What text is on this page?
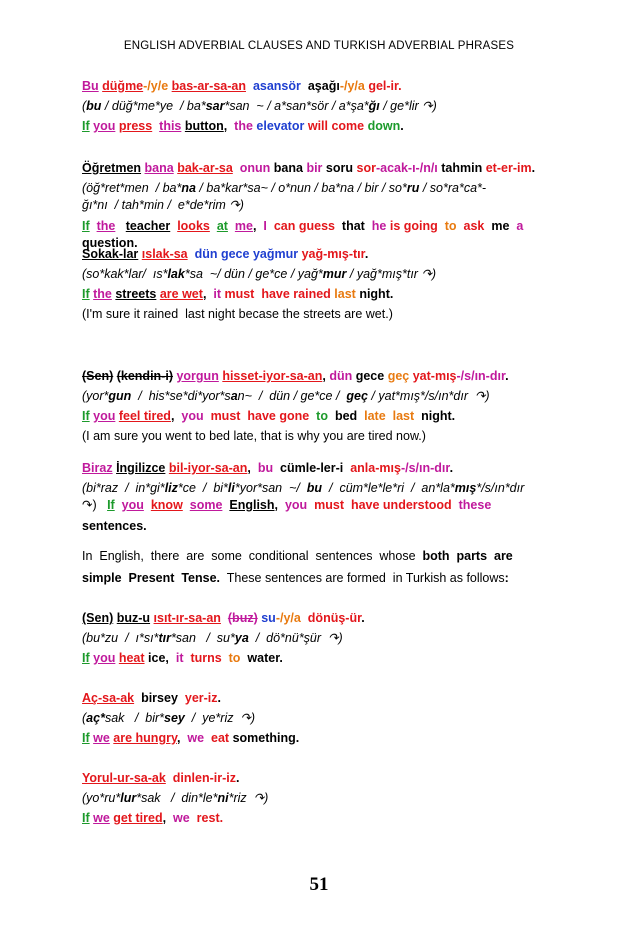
ENGLISH ADVERBIAL CLAUSES AND TURKISH ADVERBIAL PHRASES
Bu düğme-/y/e bas-ar-sa-an asansör aşağı-/y/a gel-ir.
(bu / düğ*me*ye  / ba*sar*san  ~ / a*san*sör / a*şa*ğı / ge*lir ↷)
If you press this button,  the elevator will come down.
Öğretmen bana bak-ar-sa onun bana bir soru sor-acak-ı-/n/ı tahmin et-er-im.
(öğ*ret*men  / ba*na / ba*kar*sa~ / o*nun / ba*na / bir / so*ru / so*ra*ca*-
ğı*nı  / tah*min /  e*de*rim ↷)
If the teacher looks at me,  I can guess that he is going to ask me a
question.
Sokak-lar ıslak-sa dün gece yağmur yağ-mış-tır.
(so*kak*lar/  ıs*lak*sa  ~/ dün / ge*ce / yağ*mur / yağ*mış*tır ↷)
If the streets are wet,  it must have rained last night.
(I'm sure it rained  last night becase the streets are wet.)
(Sen) (kendin-i) yorgun hisset-iyor-sa-an, dün gece geç yat-mış-/s/ın-dır.
(yor*gun  /  his*se*di*yor*san~  /  dün / ge*ce /  geç / yat*mış*/s/ın*dır  ↷)
If you feel tired,  you must have gone to bed late last night.
(I am sure you went to bed late, that is why you are tired now.)
Biraz İngilizce bil-iyor-sa-an, bu cümle-ler-i anla-mış-/s/ın-dır.
(bi*raz  /  in*gi*liz*ce  /  bi*li*yor*san  ~/  bu  /  cüm*le*le*ri  /  an*la*mış*/s/ın*dır
↷)   If you know some English,  you must have understood these
sentences.
In  English,  there  are  some  conditional  sentences  whose  both  parts  are
simple  Present  Tense.  These sentences are formed  in Turkish as follows:
(Sen) buz-u ısıt-ır-sa-an (buz) su-/y/a dönüş-ür.
(bu*zu  /  ı*sı*tır*san   /  su*ya  /  dö*nü*şür  ↷)
If you heat ice,  it turns to water.
Aç-sa-ak birsey yer-iz.
(aç*sak   /  bir*sey  /  ye*riz  ↷)
If we are hungry,  we eat something.
Yorul-ur-sa-ak dinlen-ir-iz.
(yo*ru*lur*sak   /  din*le*ni*riz  ↷)
If we get tired,  we rest.
51
